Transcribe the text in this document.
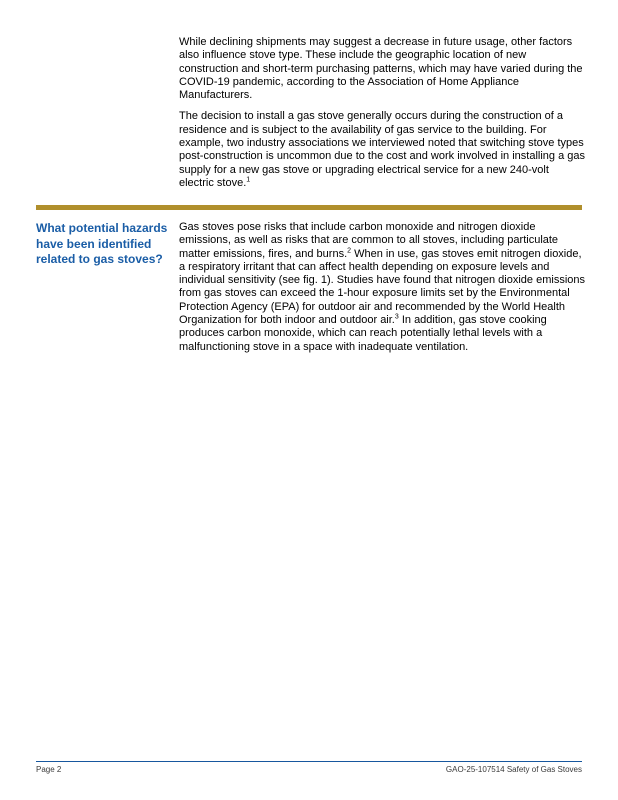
While declining shipments may suggest a decrease in future usage, other factors also influence stove type. These include the geographic location of new construction and short-term purchasing patterns, which may have varied during the COVID-19 pandemic, according to the Association of Home Appliance Manufacturers.

The decision to install a gas stove generally occurs during the construction of a residence and is subject to the availability of gas service to the building. For example, two industry associations we interviewed noted that switching stove types post-construction is uncommon due to the cost and work involved in installing a gas supply for a new gas stove or upgrading electrical service for a new 240-volt electric stove.$^1$

What potential hazards have been identified related to gas stoves?
Gas stoves pose risks that include carbon monoxide and nitrogen dioxide emissions, as well as risks that are common to all stoves, including particulate matter emissions, fires, and burns.$^2$ When in use, gas stoves emit nitrogen dioxide, a respiratory irritant that can affect health depending on exposure levels and individual sensitivity (see fig. 1). Studies have found that nitrogen dioxide emissions from gas stoves can exceed the 1-hour exposure limits set by the Environmental Protection Agency (EPA) for outdoor air and recommended by the World Health Organization for both indoor and outdoor air.$^3$ In addition, gas stove cooking produces carbon monoxide, which can reach potentially lethal levels with a malfunctioning stove in a space with inadequate ventilation.
Page 2	GAO-25-107514 Safety of Gas Stoves
